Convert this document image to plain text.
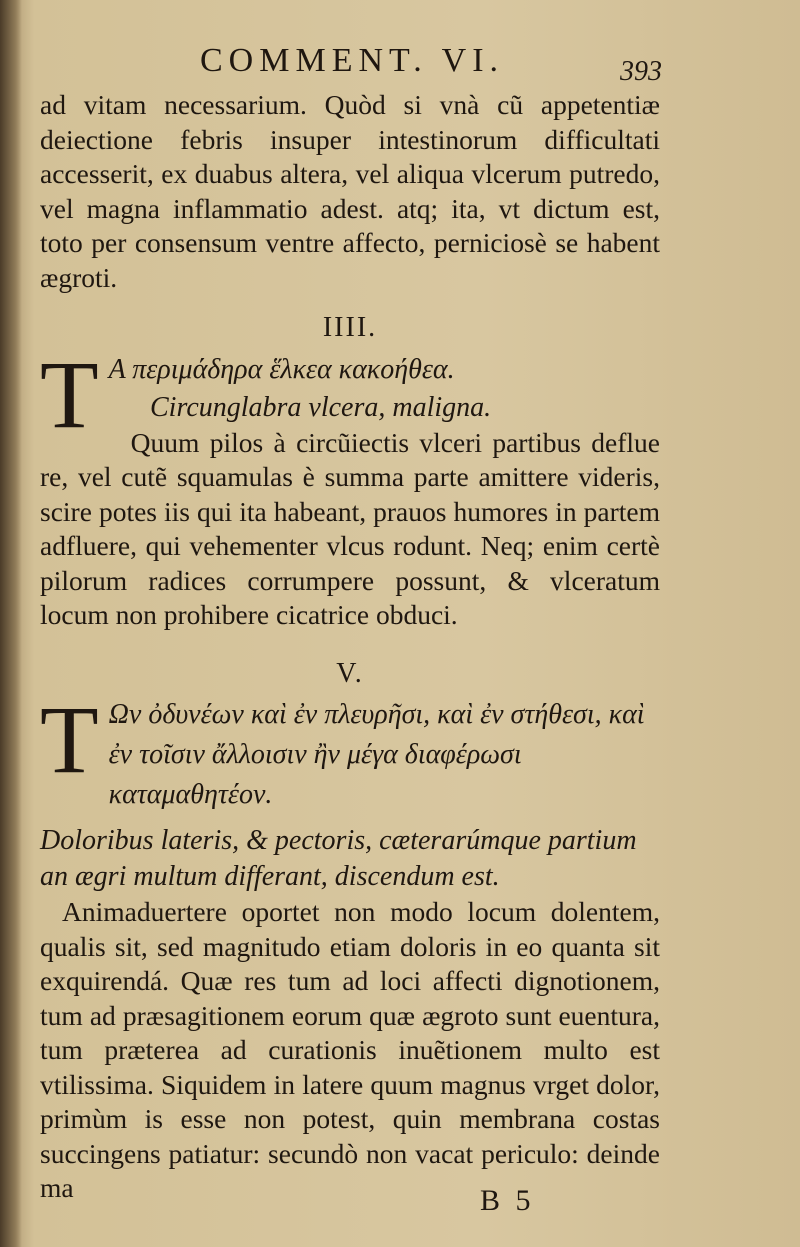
COMMENT. VI.	393

ad vitam necessarium. Quòd si vnà cũ appetentiæ deiectione febris insuper intestinorum difficultati accesserit, ex duabus altera, vel aliqua vlcerum putredo, vel magna inflammatio adest. atq; ita, vt dictum est, toto per consensum ventre affecto, perniciosè se habent ægroti.

IIII.
T Α περιμάδηρα ἕλκεα κακοήθεα.
Circunglabra vlcera, maligna.

Quum pilos à circũiectis vlceri partibus deflue re, vel cutẽ squamulas è summa parte amittere videris, scire potes iis qui ita habeant, prauos humores in partem adfluere, qui vehementer vlcus rodunt. Neq; enim certè pilorum radices corrumpere possunt, & vlceratum locum non prohibere cicatrice obduci.

V.
T Ων ὀδυνέων καὶ ἐν πλευρῆσι, καὶ ἐν στήθεσι, καὶ ἐν τοῖσιν ἄλλοισιν ἢν μέγα διαφέρωσι καταμαθητέον.
Doloribus lateris, & pectoris, cæterarúmque partium an ægri multum differant, discendum est.

Animaduertere oportet non modo locum dolentem, qualis sit, sed magnitudo etiam doloris in eo quanta sit exquirendá. Quæ res tum ad loci affecti dignotionem, tum ad præsagitionem eorum quæ ægroto sunt euentura, tum præterea ad curationis inuẽtionem multo est vtilissima. Siquidem in latere quum magnus vrget dolor, primùm is esse non potest, quin membrana costas succingens patiatur: secundò non vacat periculo: deinde ma	B 5
